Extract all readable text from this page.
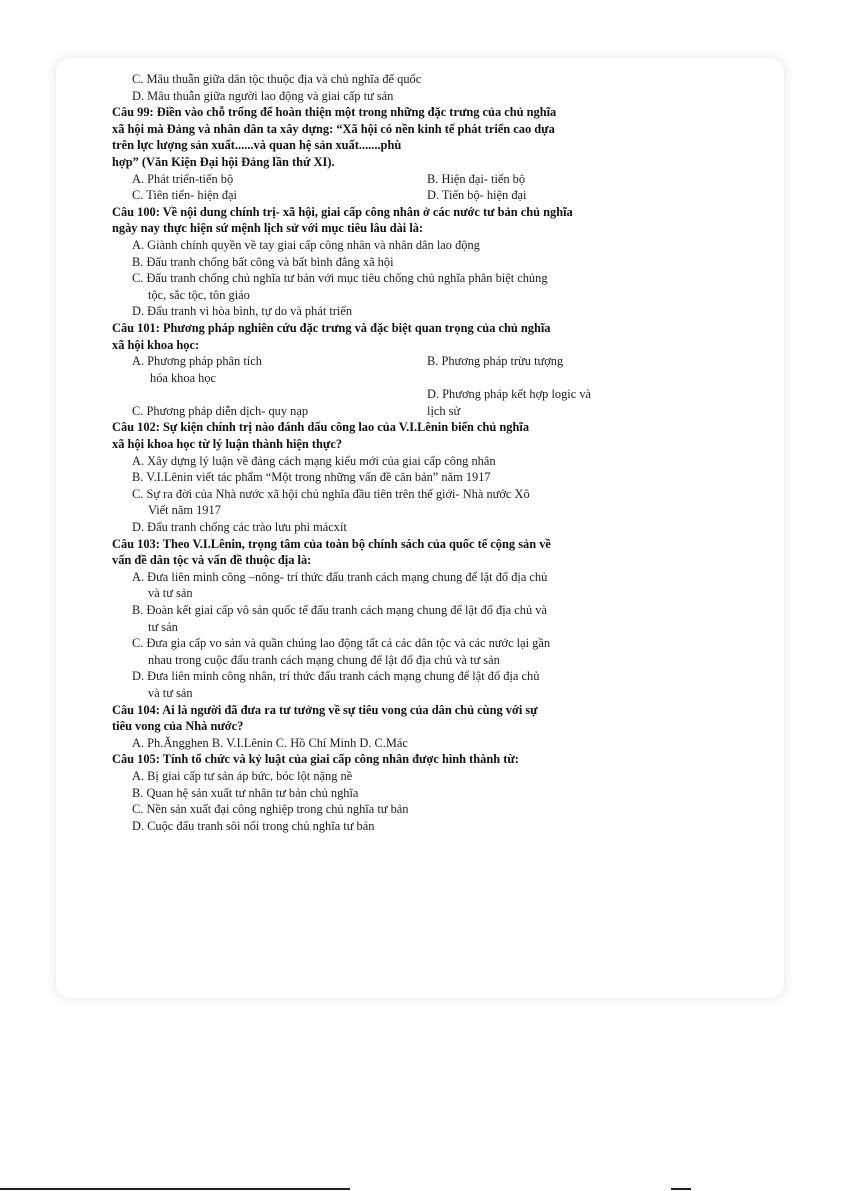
C. Mâu thuẫn giữa dân tộc thuộc địa và chủ nghĩa đế quốc
D. Mâu thuẫn giữa người lao động và giai cấp tư sản
Câu 99: Điền vào chỗ trống để hoàn thiện một trong những đặc trưng của chủ nghĩa
xã hội mà Đảng và nhân dân ta xây dựng: “Xã hội có nền kinh tế phát triển cao dựa
trên lực lượng sản xuất......và quan hệ sản xuất.......phù
hợp” (Văn Kiện Đại hội Đảng lần thứ XI).
A. Phát triển-tiến bộ	B. Hiện đại- tiến bộ
C. Tiên tiến- hiện đại	D. Tiến bộ- hiện đại
Câu 100: Về nội dung chính trị- xã hội, giai cấp công nhân ở các nước tư bản chủ nghĩa
ngày nay thực hiện sứ mệnh lịch sử với mục tiêu lâu dài là:
A. Giành chính quyền về tay giai cấp công nhân và nhân dân lao động
B. Đấu tranh chống bất công và bất bình đẳng xã hội
C. Đấu tranh chống chủ nghĩa tư bản với mục tiêu chống chủ nghĩa phân biệt chủng
tộc, sắc tộc, tôn giáo
D. Đấu tranh vì hòa bình, tự do và phát triển
Câu 101: Phương pháp nghiên cứu đặc trưng và đặc biệt quan trọng của chủ nghĩa
xã hội khoa học:
A. Phương pháp phân tích
hóa khoa học
B. Phương pháp trừu tượng
C. Phương pháp diễn dịch- quy nạp
D. Phương pháp kết hợp logic và
lịch sử
Câu 102: Sự kiện chính trị nào đánh dấu công lao của V.I.Lênin biến chủ nghĩa
xã hội khoa học từ lý luận thành hiện thực?
A. Xây dựng lý luận về đảng cách mạng kiểu mới của giai cấp công nhân
B. V.I.Lênin viết tác phẩm “Một trong những vấn đề căn bản” năm 1917
C. Sự ra đời của Nhà nước xã hội chủ nghĩa đầu tiên trên thế giới- Nhà nước Xô
Viết năm 1917
D. Đấu tranh chống các trào lưu phi mácxít
Câu 103: Theo V.I.Lênin, trọng tâm của toàn bộ chính sách của quốc tế cộng sản về
vấn đề dân tộc và vấn đề thuộc địa là:
A. Đưa liên minh công –nông- trí thức đấu tranh cách mạng chung để lật đổ địa chủ
và tư sản
B. Đoàn kết giai cấp vô sản quốc tế đấu tranh cách mạng chung để lật đổ địa chủ và
tư sản
C. Đưa gia cấp vo sản và quần chúng lao động tất cả các dân tộc và các nước lại gần
nhau trong cuộc đấu tranh cách mạng chung để lật đổ địa chủ và tư sản
D. Đưa liên minh công nhân, trí thức đấu tranh cách mạng chung để lật đổ địa chủ
và tư sản
Câu 104: Ai là người đã đưa ra tư tưởng về sự tiêu vong của dân chủ cùng với sự
tiêu vong của Nhà nước?
A. Ph.Ăngghen B. V.I.Lênin C. Hồ Chí Minh D. C.Mác
Câu 105: Tính tổ chức và kỷ luật của giai cấp công nhân được hình thành từ:
A. Bị giai cấp tư sản áp bức, bóc lột nặng nề
B. Quan hệ sản xuất tư nhân tư bản chủ nghĩa
C. Nền sản xuất đại công nghiệp trong chủ nghĩa tư bản
D. Cuộc đấu tranh sôi nổi trong chủ nghĩa tư bản
